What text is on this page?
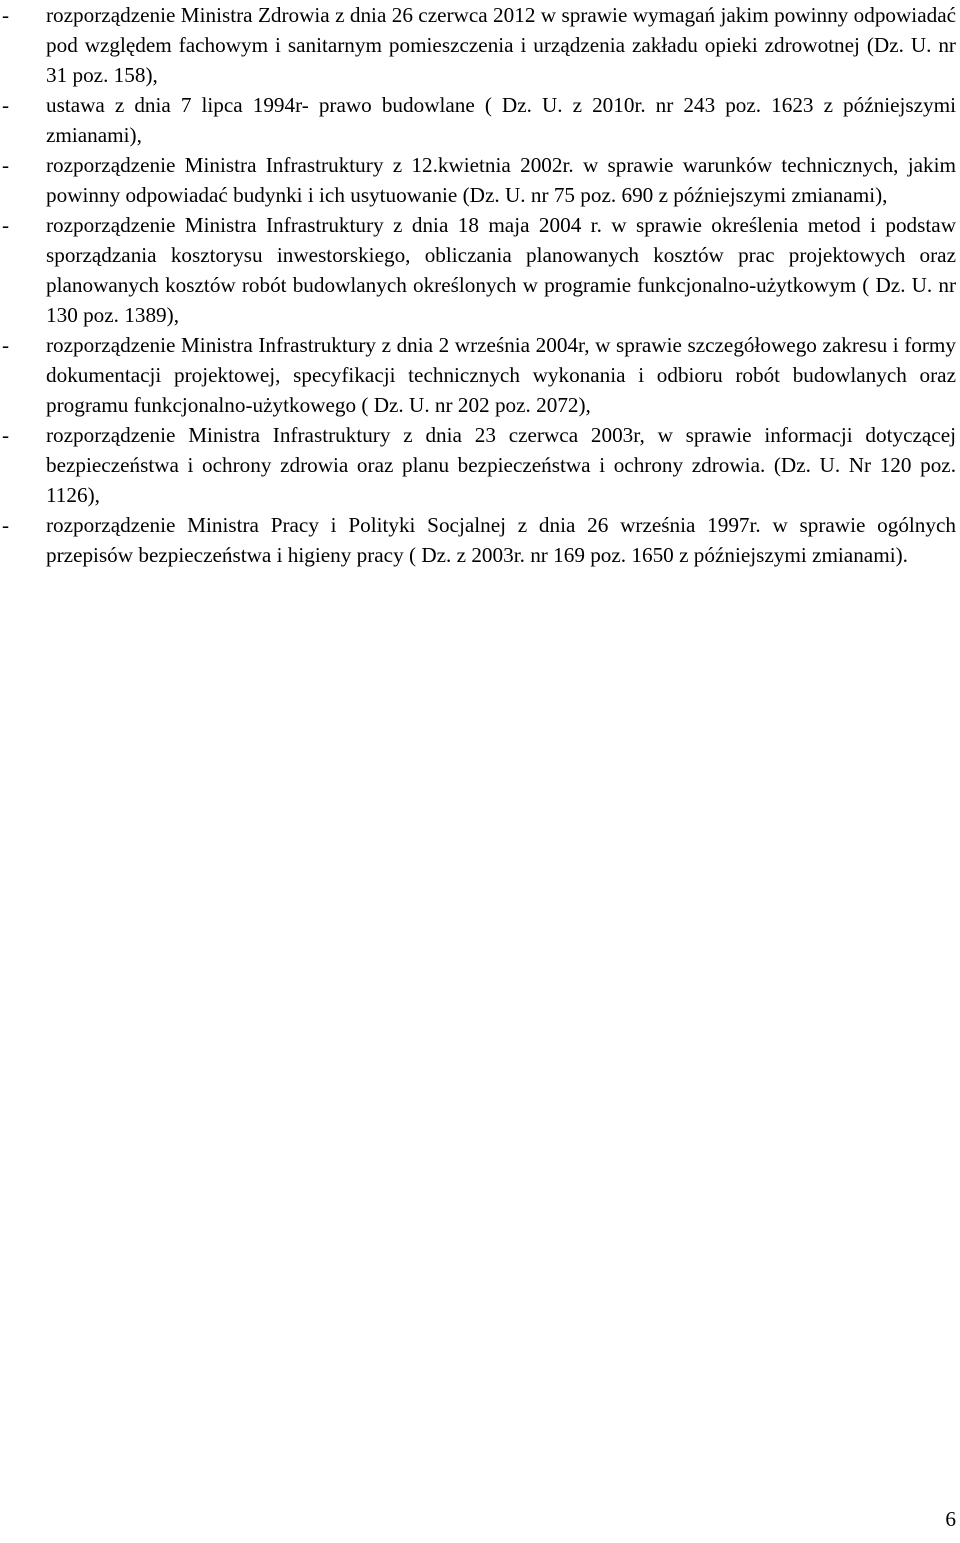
- rozporządzenie Ministra Zdrowia z dnia 26 czerwca 2012 w sprawie wymagań jakim powinny odpowiadać pod względem fachowym i sanitarnym pomieszczenia i urządzenia zakładu opieki zdrowotnej (Dz. U. nr 31 poz. 158),
- ustawa z dnia 7 lipca 1994r- prawo budowlane ( Dz. U. z 2010r. nr 243 poz. 1623 z późniejszymi zmianami),
- rozporządzenie Ministra Infrastruktury z 12.kwietnia 2002r. w sprawie warunków technicznych, jakim powinny odpowiadać budynki i ich usytuowanie (Dz. U. nr 75 poz. 690 z późniejszymi zmianami),
- rozporządzenie Ministra Infrastruktury z dnia 18 maja 2004 r. w sprawie określenia metod i podstaw sporządzania kosztorysu inwestorskiego, obliczania planowanych kosztów prac projektowych oraz planowanych kosztów robót budowlanych określonych w programie funkcjonalno-użytkowym ( Dz. U. nr 130 poz. 1389),
- rozporządzenie Ministra Infrastruktury z dnia 2 września 2004r, w sprawie szczegółowego zakresu i formy dokumentacji projektowej, specyfikacji technicznych wykonania i odbioru robót budowlanych oraz programu funkcjonalno-użytkowego ( Dz. U. nr 202 poz. 2072),
- rozporządzenie Ministra Infrastruktury z dnia 23 czerwca 2003r, w sprawie informacji dotyczącej bezpieczeństwa i ochrony zdrowia oraz planu bezpieczeństwa i ochrony zdrowia. (Dz. U. Nr 120 poz. 1126),
- rozporządzenie Ministra Pracy i Polityki Socjalnej z dnia 26 września 1997r. w sprawie ogólnych przepisów bezpieczeństwa i higieny pracy ( Dz. z 2003r. nr 169 poz. 1650 z późniejszymi zmianami).
6
